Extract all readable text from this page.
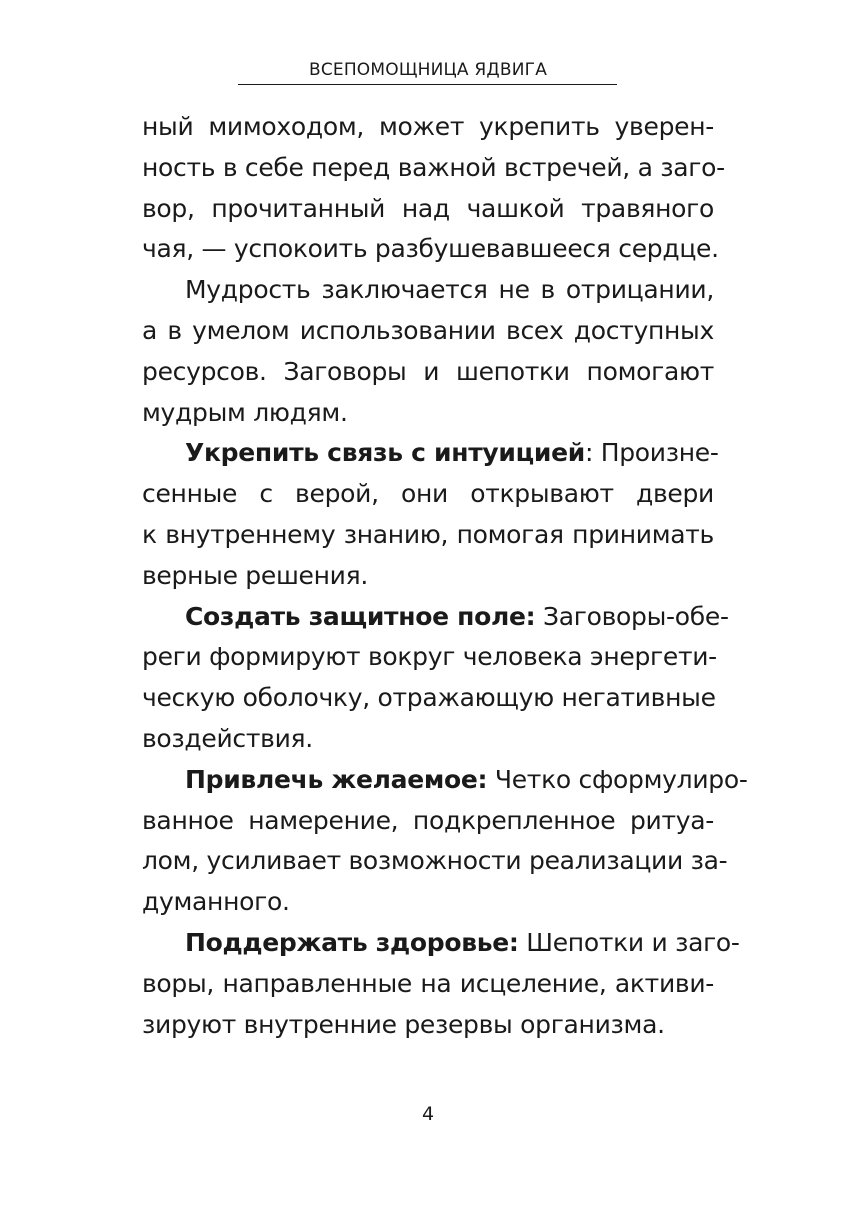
ВСЕПОМОЩНИЦА ЯДВИГА
ный мимоходом, может укрепить уверен-
ность в себе перед важной встречей, а заго-
вор, прочитанный над чашкой травяного
чая, — успокоить разбушевавшееся сердце.
Мудрость заключается не в отрицании,
а в умелом использовании всех доступных
ресурсов. Заговоры и шепотки помогают
мудрым людям.
Укрепить связь с интуицией: Произне-
сенные с верой, они открывают двери
к внутреннему знанию, помогая принимать
верные решения.
Создать защитное поле: Заговоры-обе-
реги формируют вокруг человека энергети-
ческую оболочку, отражающую негативные
воздействия.
Привлечь желаемое: Четко сформулиро-
ванное намерение, подкрепленное ритуа-
лом, усиливает возможности реализации за-
думанного.
Поддержать здоровье: Шепотки и заго-
воры, направленные на исцеление, активи-
зируют внутренние резервы организма.
4
